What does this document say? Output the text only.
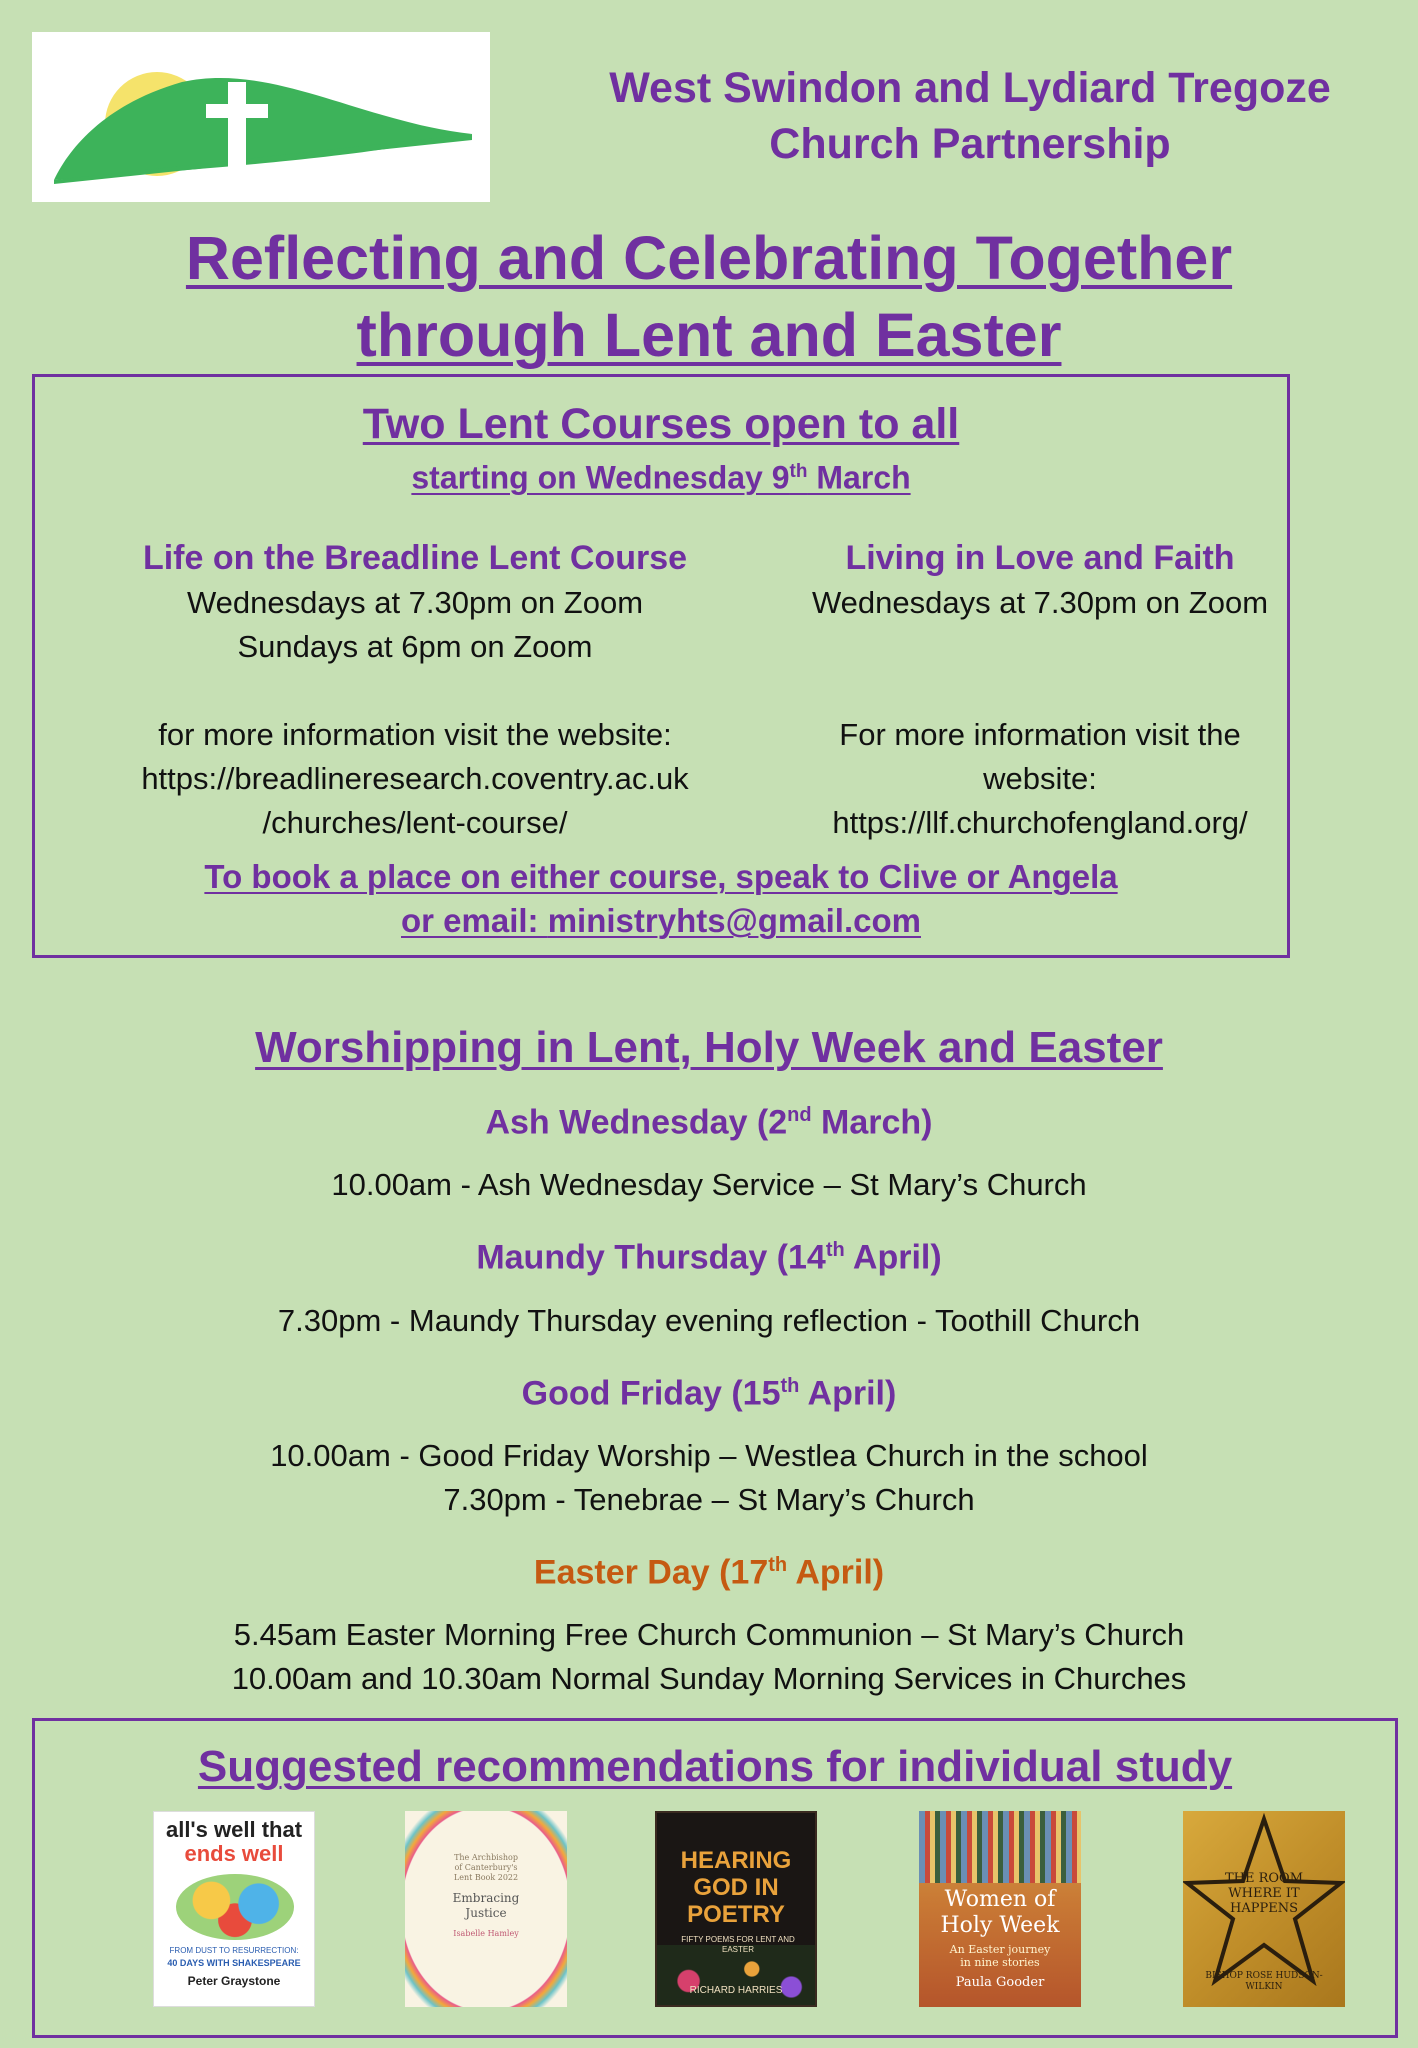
West Swindon and Lydiard Tregoze
Church Partnership
Reflecting and Celebrating Together
through Lent and Easter
Two Lent Courses open to all
starting on Wednesday 9th March
Life on the Breadline Lent Course
Wednesdays at 7.30pm on Zoom
Sundays at 6pm on Zoom
for more information visit the website:
https://breadlineresearch.coventry.ac.uk
/churches/lent-course/
Living in Love and Faith
Wednesdays at 7.30pm on Zoom
For more information visit the website:
https://llf.churchofengland.org/
To book a place on either course, speak to Clive or Angela
or email: ministryhts@gmail.com
Worshipping in Lent, Holy Week and Easter
Ash Wednesday (2nd March)
10.00am - Ash Wednesday Service – St Mary’s Church
Maundy Thursday (14th April)
7.30pm - Maundy Thursday evening reflection - Toothill Church
Good Friday (15th April)
10.00am - Good Friday Worship – Westlea Church in the school
7.30pm - Tenebrae – St Mary’s Church
Easter Day (17th April)
5.45am Easter Morning Free Church Communion – St Mary’s Church
10.00am and 10.30am Normal Sunday Morning Services in Churches
Suggested recommendations for individual study
all's well that
ends well
FROM DUST TO RESURRECTION:
40 DAYS WITH SHAKESPEARE
Peter Graystone
The Archbishop
of Canterbury's
Lent Book 2022
Embracing Justice
Isabelle Hamley
HEARING
GOD IN
POETRY
FIFTY POEMS FOR LENT AND EASTER
RICHARD HARRIES
Women of
Holy Week
An Easter journey
in nine stories
Paula Gooder
THE ROOM
WHERE IT
HAPPENS
BISHOP ROSE HUDSON-WILKIN
